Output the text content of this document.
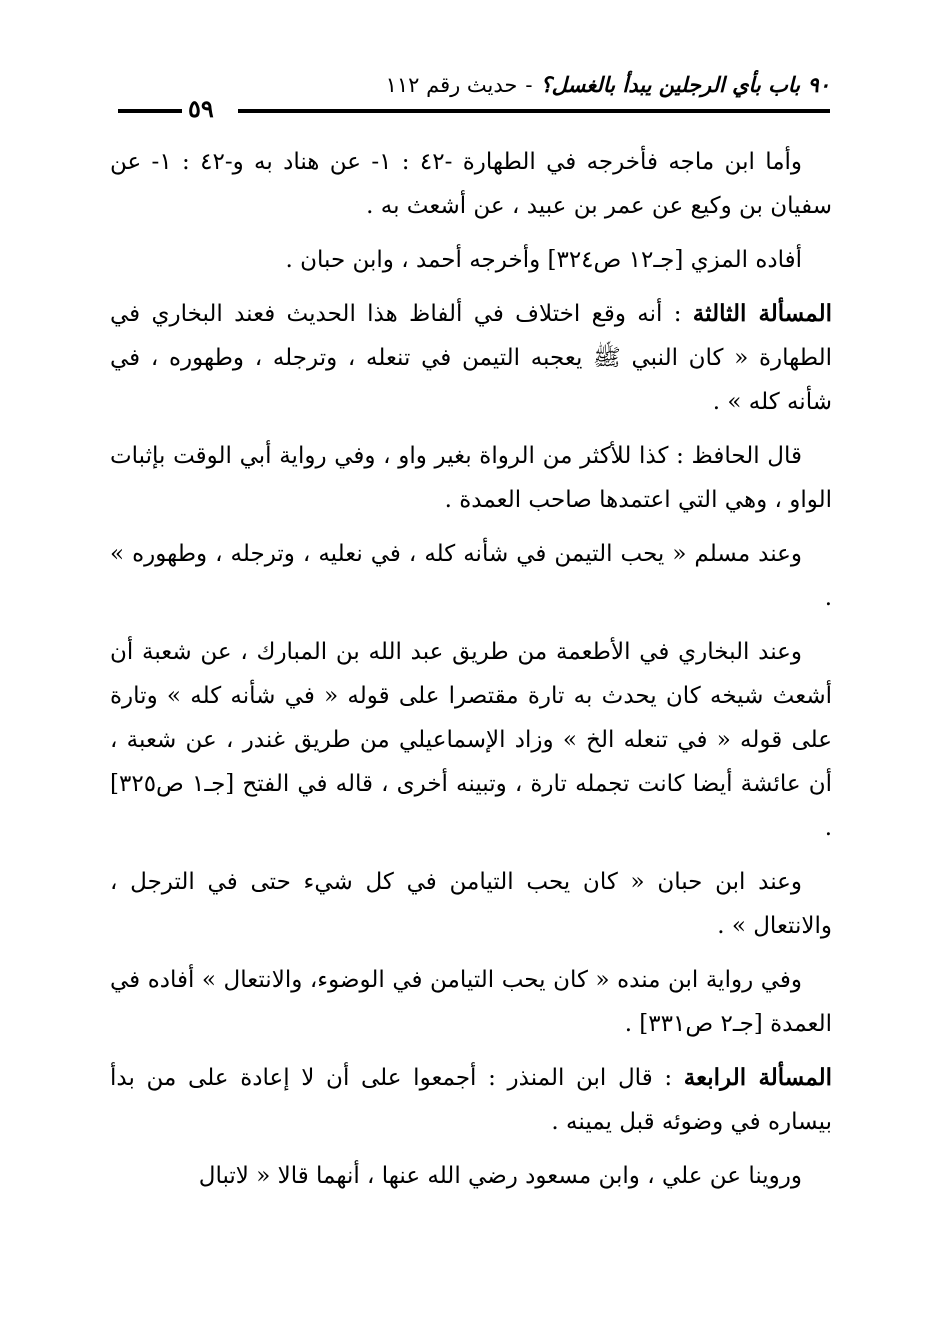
٩٠ باب بأي الرجلين يبدأ بالغسل؟-حديث رقم ١١٢
٥٩

وأما ابن ماجه فأخرجه في الطهارة -٤٢ : ١- عن هناد به و-٤٢ : ١- عن سفيان بن وكيع عن عمر بن عبيد ، عن أشعث به .

أفاده المزي [جـ١٢ ص٣٢٤] وأخرجه أحمد ، وابن حبان .

المسألة الثالثة : أنه وقع اختلاف في ألفاظ هذا الحديث فعند البخاري في الطهارة « كان النبي ﷺ يعجبه التيمن في تنعله ، وترجله ، وطهوره ، في شأنه كله » .

قال الحافظ : كذا للأكثر من الرواة بغير واو ، وفي رواية أبي الوقت بإثبات الواو ، وهي التي اعتمدها صاحب العمدة .

وعند مسلم « يحب التيمن في شأنه كله ، في نعليه ، وترجله ، وطهوره » .

وعند البخاري في الأطعمة من طريق عبد الله بن المبارك ، عن شعبة أن أشعث شيخه كان يحدث به تارة مقتصرا على قوله « في شأنه كله » وتارة على قوله « في تنعله الخ » وزاد الإسماعيلي من طريق غندر ، عن شعبة ، أن عائشة أيضا كانت تجمله تارة ، وتبينه أخرى ، قاله في الفتح [جـ١ ص٣٢٥] .

وعند ابن حبان « كان يحب التيامن في كل شيء حتى في الترجل ، والانتعال » .

وفي رواية ابن منده « كان يحب التيامن في الوضوء، والانتعال » أفاده في العمدة [جـ٢ ص٣٣١] .

المسألة الرابعة : قال ابن المنذر : أجمعوا على أن لا إعادة على من بدأ بيساره في وضوئه قبل يمينه .

وروينا عن علي ، وابن مسعود رضي الله عنها ، أنهما قالا « لاتبال
